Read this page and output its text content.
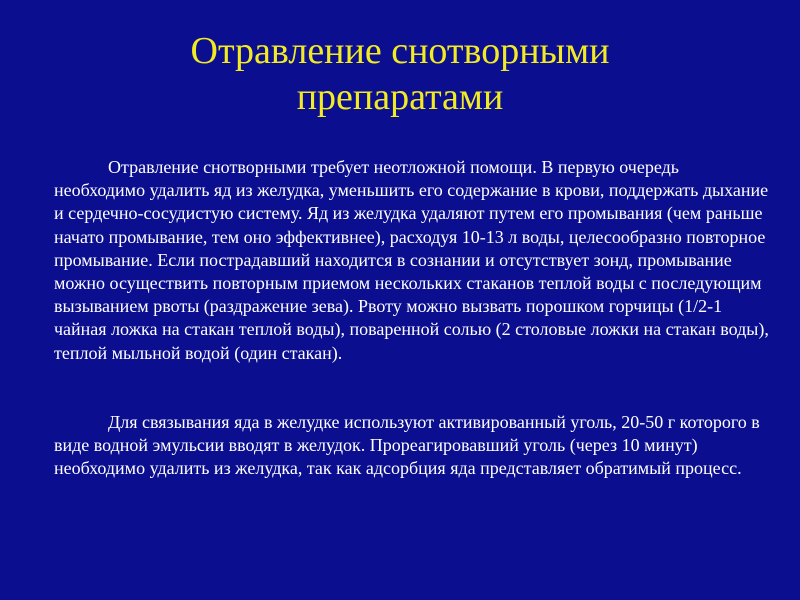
Отравление снотворными
препаратами

Отравление снотворными требует неотложной помощи. В первую очередь необходимо удалить яд из желудка, уменьшить его содержание в крови, поддержать дыхание и сердечно-сосудистую систему. Яд из желудка удаляют путем его промывания (чем раньше начато промывание, тем оно эффективнее), расходуя 10-13 л воды, целесообразно повторное промывание. Если пострадавший находится в сознании и отсутствует зонд, промывание можно осуществить повторным приемом нескольких стаканов теплой воды с последующим вызыванием рвоты (раздражение зева). Рвоту можно вызвать порошком горчицы (1/2-1 чайная ложка на стакан теплой воды), поваренной солью (2 столовые ложки на стакан воды), теплой мыльной водой (один стакан).

Для связывания яда в желудке используют активированный уголь, 20-50 г которого в виде водной эмульсии вводят в желудок. Прореагировавший уголь (через 10 минут) необходимо удалить из желудка, так как адсорбция яда представляет обратимый процесс.
